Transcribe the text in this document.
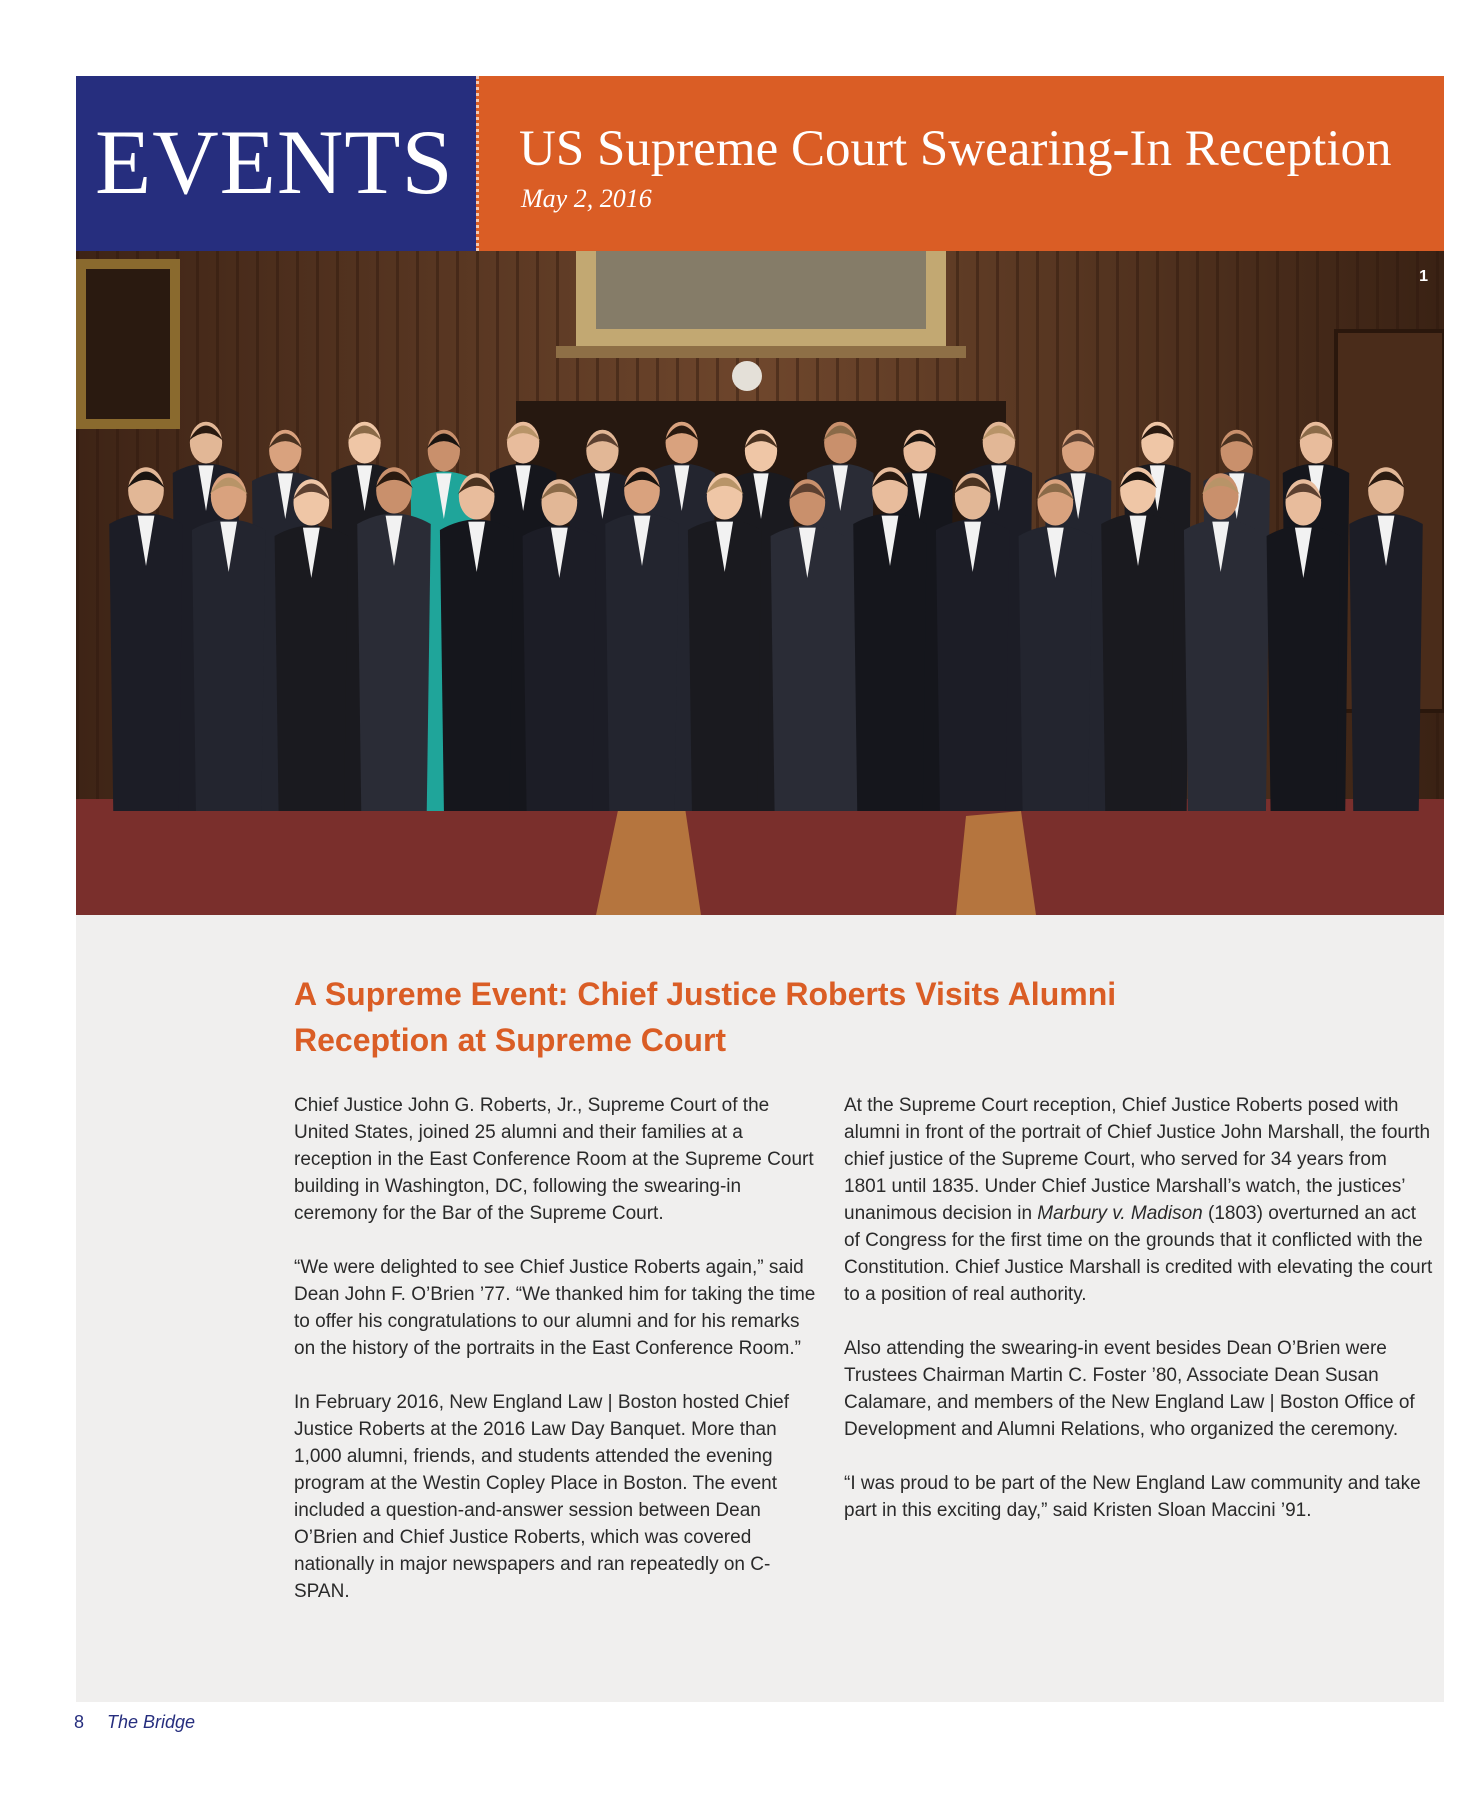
EVENTS US Supreme Court Swearing-In Reception
May 2, 2016
1
A Supreme Event: Chief Justice Roberts Visits Alumni Reception at Supreme Court

Chief Justice John G. Roberts, Jr., Supreme Court of the United States, joined 25 alumni and their families at a reception in the East Conference Room at the Supreme Court building in Washington, DC, following the swearing-in ceremony for the Bar of the Supreme Court.

“We were delighted to see Chief Justice Roberts again,” said Dean John F. O’Brien ’77. “We thanked him for taking the time to offer his congratulations to our alumni and for his remarks on the history of the portraits in the East Conference Room.”

In February 2016, New England Law | Boston hosted Chief Justice Roberts at the 2016 Law Day Banquet. More than 1,000 alumni, friends, and students attended the evening program at the Westin Copley Place in Boston. The event included a question-and-answer session between Dean O’Brien and Chief Justice Roberts, which was covered nationally in major newspapers and ran repeatedly on C-SPAN.

At the Supreme Court reception, Chief Justice Roberts posed with alumni in front of the portrait of Chief Justice John Marshall, the fourth chief justice of the Supreme Court, who served for 34 years from 1801 until 1835. Under Chief Justice Marshall’s watch, the justices’ unanimous decision in Marbury v. Madison (1803) overturned an act of Congress for the first time on the grounds that it conflicted with the Constitution. Chief Justice Marshall is credited with elevating the court to a position of real authority.

Also attending the swearing-in event besides Dean O’Brien were Trustees Chairman Martin C. Foster ’80, Associate Dean Susan Calamare, and members of the New England Law | Boston Office of Development and Alumni Relations, who organized the ceremony.

“I was proud to be part of the New England Law community and take part in this exciting day,” said Kristen Sloan Maccini ’91.

8 The Bridge
